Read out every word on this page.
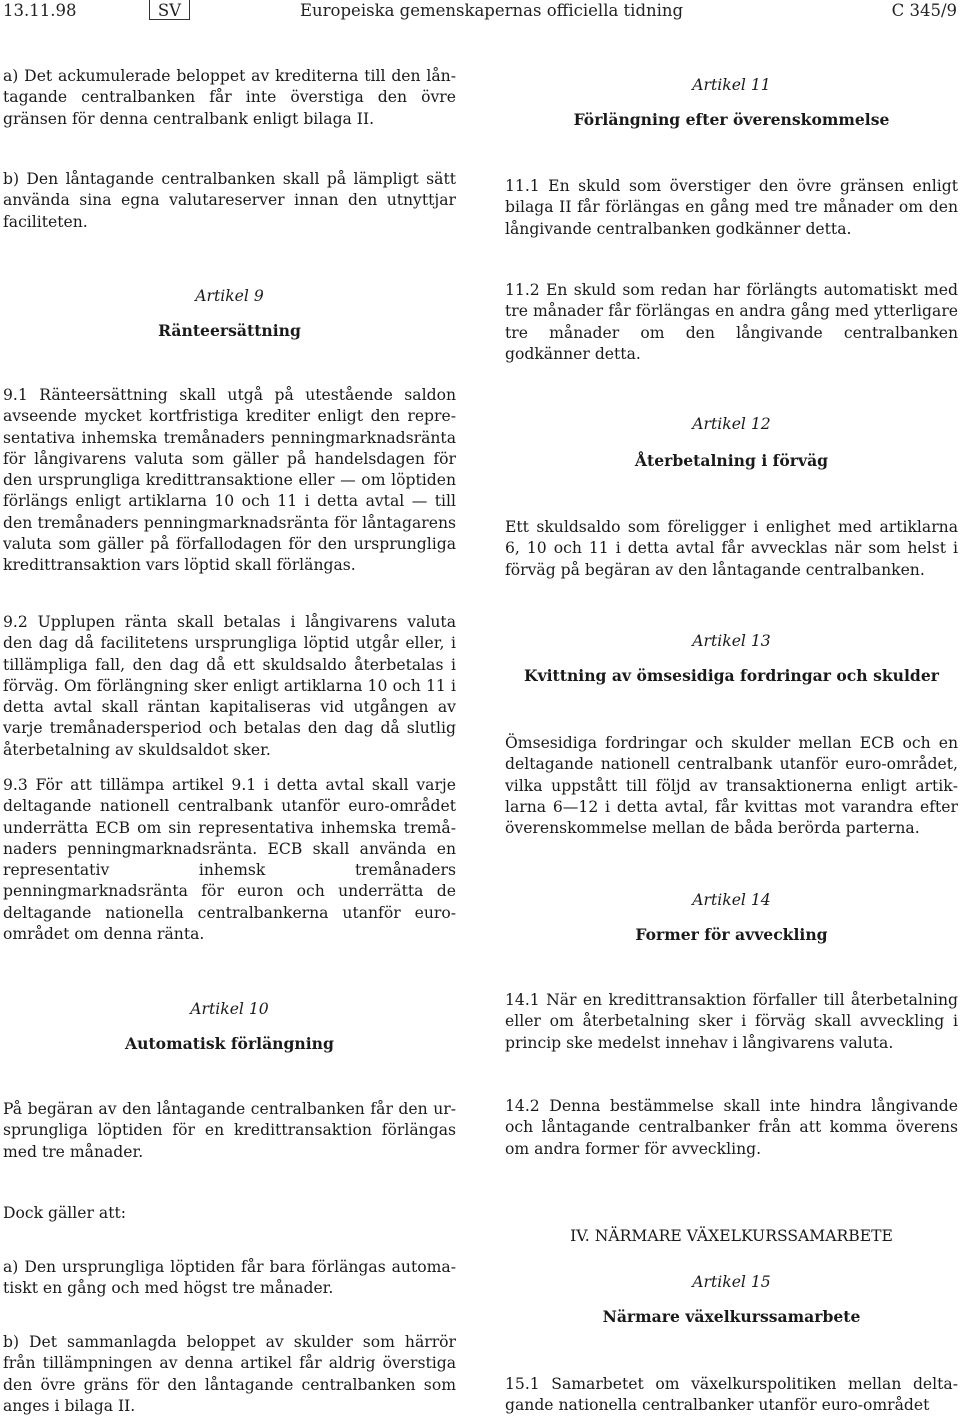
13.11.98	SV	Europeiska gemenskapernas officiella tidning	C 345/9

a) Det ackumulerade beloppet av krediterna till den låntagande centralbanken får inte överstiga den övre gränsen för denna centralbank enligt bilaga II.

b) Den låntagande centralbanken skall på lämpligt sätt använda sina egna valutareserver innan den utnyttjar faciliteten.

Artikel 9
Ränteersättning

9.1 Ränteersättning skall utgå på utestående saldon avseende mycket kortfristiga krediter enligt den representativa inhemska tremånaders penningmarknadsränta för långivarens valuta som gäller på handelsdagen för den ursprungliga kredittransaktione eller — om löptiden förlängs enligt artiklarna 10 och 11 i detta avtal — till den tremånaders penningmarknadsränta för låntagarens valuta som gäller på förfallodagen för den ursprungliga kredittransaktion vars löptid skall förlängas.

9.2 Upplupen ränta skall betalas i långivarens valuta den dag då facilitetens ursprungliga löptid utgår eller, i tillämpliga fall, den dag då ett skuldsaldo återbetalas i förväg. Om förlängning sker enligt artiklarna 10 och 11 i detta avtal skall räntan kapitaliseras vid utgången av varje tremånadersperiod och betalas den dag då slutlig återbetalning av skuldsaldot sker.

9.3 För att tillämpa artikel 9.1 i detta avtal skall varje deltagande nationell centralbank utanför euro-området underrätta ECB om sin representativa inhemska tremånaders penningmarknadsränta. ECB skall använda en representativ inhemsk tremånaders penningmarknadsränta för euron och underrätta de deltagande nationella centralbankerna utanför euro-området om denna ränta.

Artikel 10
Automatisk förlängning

På begäran av den låntagande centralbanken får den ursprungliga löptiden för en kredittransaktion förlängas med tre månader.

Dock gäller att:

a) Den ursprungliga löptiden får bara förlängas automatiskt en gång och med högst tre månader.

b) Det sammanlagda beloppet av skulder som härrör från tillämpningen av denna artikel får aldrig överstiga den övre gräns för den låntagande centralbanken som anges i bilaga II.

Artikel 11
Förlängning efter överenskommelse

11.1 En skuld som överstiger den övre gränsen enligt bilaga II får förlängas en gång med tre månader om den långivande centralbanken godkänner detta.

11.2 En skuld som redan har förlängts automatiskt med tre månader får förlängas en andra gång med ytterligare tre månader om den långivande centralbanken godkänner detta.

Artikel 12
Återbetalning i förväg

Ett skuldsaldo som föreligger i enlighet med artiklarna 6, 10 och 11 i detta avtal får avvecklas när som helst i förväg på begäran av den låntagande centralbanken.

Artikel 13
Kvittning av ömsesidiga fordringar och skulder

Ömsesidiga fordringar och skulder mellan ECB och en deltagande nationell centralbank utanför euro-området, vilka uppstått till följd av transaktionerna enligt artiklarna 6—12 i detta avtal, får kvittas mot varandra efter överenskommelse mellan de båda berörda parterna.

Artikel 14
Former för avveckling

14.1 När en kredittransaktion förfaller till återbetalning eller om återbetalning sker i förväg skall avveckling i princip ske medelst innehav i långivarens valuta.

14.2 Denna bestämmelse skall inte hindra långivande och låntagande centralbanker från att komma överens om andra former för avveckling.

IV. NÄRMARE VÄXELKURSSAMARBETE
Artikel 15
Närmare växelkurssamarbete

15.1 Samarbetet om växelkurspolitiken mellan deltagande nationella centralbanker utanför euro-området
